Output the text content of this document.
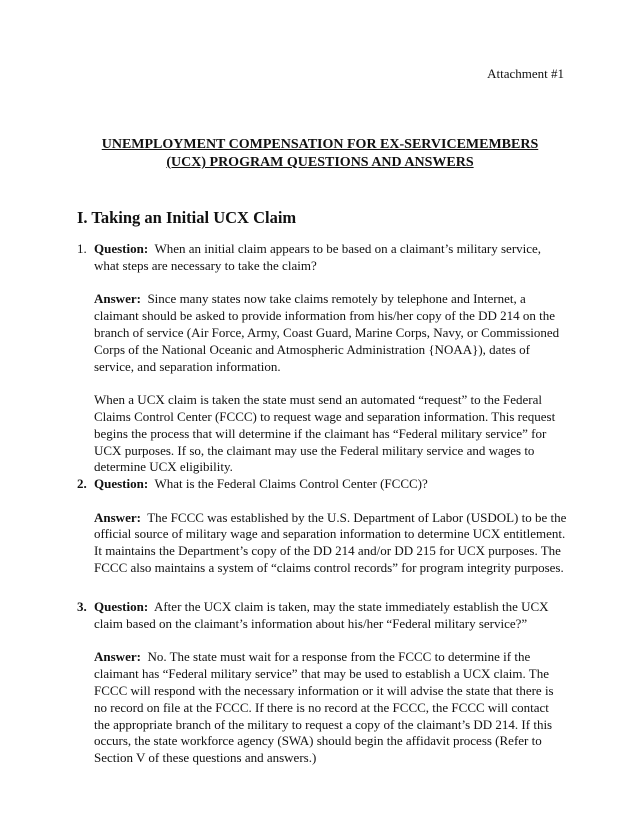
Attachment #1
UNEMPLOYMENT COMPENSATION FOR EX-SERVICEMEMBERS
(UCX) PROGRAM QUESTIONS AND ANSWERS
I. Taking an Initial UCX Claim
1. Question: When an initial claim appears to be based on a claimant’s military service, what steps are necessary to take the claim?

Answer: Since many states now take claims remotely by telephone and Internet, a claimant should be asked to provide information from his/her copy of the DD 214 on the branch of service (Air Force, Army, Coast Guard, Marine Corps, Navy, or Commissioned Corps of the National Oceanic and Atmospheric Administration {NOAA}), dates of service, and separation information.

When a UCX claim is taken the state must send an automated “request” to the Federal Claims Control Center (FCCC) to request wage and separation information. This request begins the process that will determine if the claimant has “Federal military service” for UCX purposes. If so, the claimant may use the Federal military service and wages to determine UCX eligibility.

2. Question: What is the Federal Claims Control Center (FCCC)?

Answer: The FCCC was established by the U.S. Department of Labor (USDOL) to be the official source of military wage and separation information to determine UCX entitlement. It maintains the Department’s copy of the DD 214 and/or DD 215 for UCX purposes. The FCCC also maintains a system of “claims control records” for program integrity purposes.

3. Question: After the UCX claim is taken, may the state immediately establish the UCX claim based on the claimant’s information about his/her “Federal military service?”

Answer: No. The state must wait for a response from the FCCC to determine if the claimant has “Federal military service” that may be used to establish a UCX claim. The FCCC will respond with the necessary information or it will advise the state that there is no record on file at the FCCC. If there is no record at the FCCC, the FCCC will contact the appropriate branch of the military to request a copy of the claimant’s DD 214. If this occurs, the state workforce agency (SWA) should begin the affidavit process (Refer to Section V of these questions and answers.)
